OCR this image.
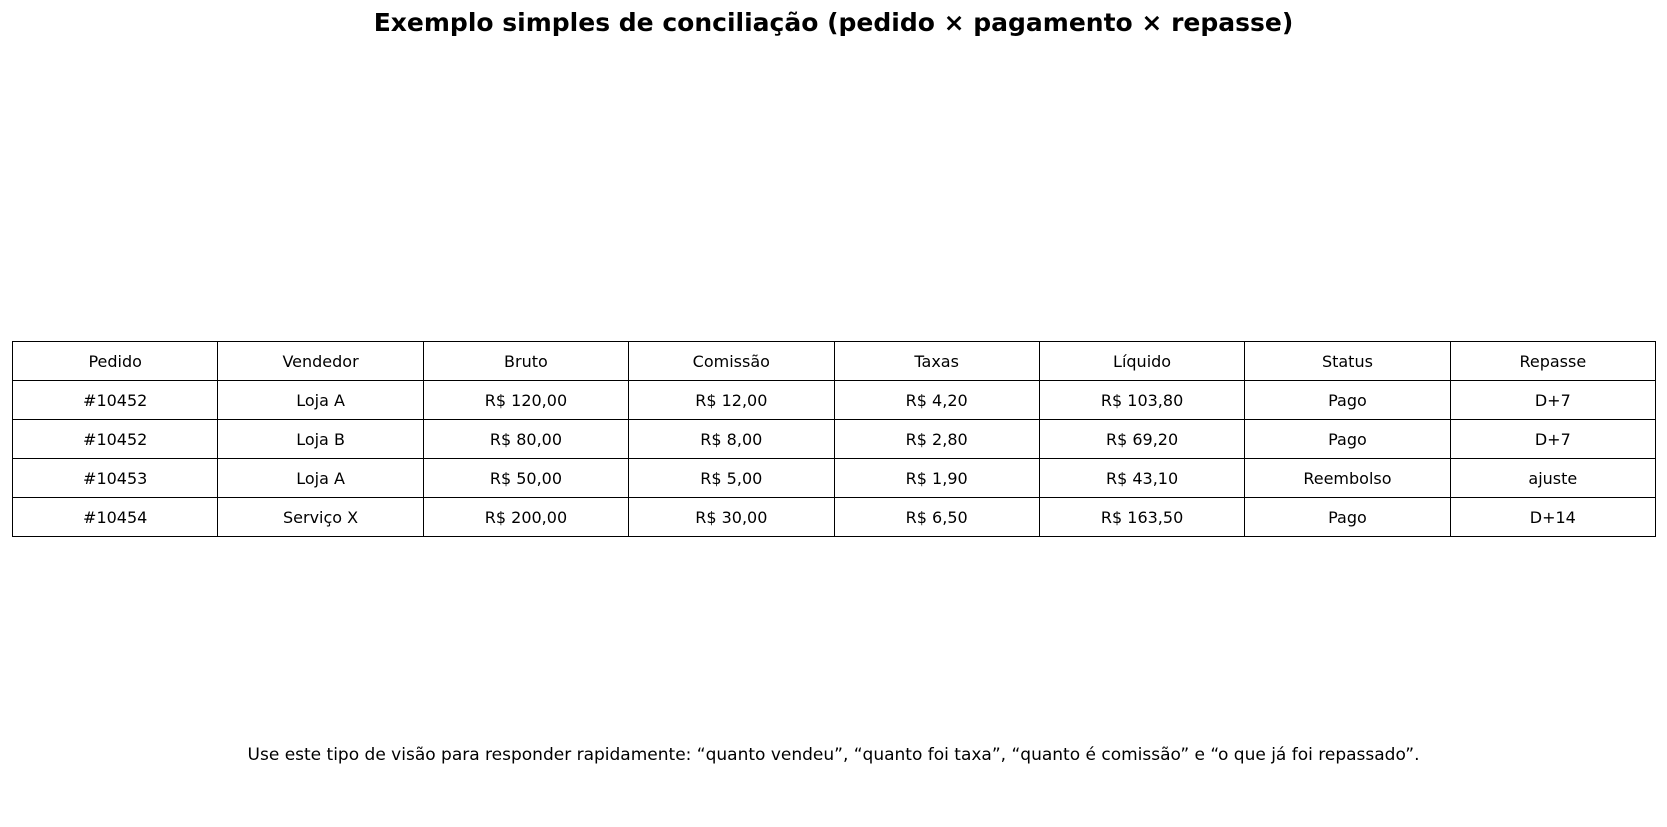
Exemplo simples de conciliação (pedido × pagamento × repasse)
Pedido	Vendedor	Bruto	Comissão	Taxas	Líquido	Status	Repasse
#10452	Loja A	R$ 120,00	R$ 12,00	R$ 4,20	R$ 103,80	Pago	D+7
#10452	Loja B	R$ 80,00	R$ 8,00	R$ 2,80	R$ 69,20	Pago	D+7
#10453	Loja A	R$ 50,00	R$ 5,00	R$ 1,90	R$ 43,10	Reembolso	ajuste
#10454	Serviço X	R$ 200,00	R$ 30,00	R$ 6,50	R$ 163,50	Pago	D+14
Use este tipo de visão para responder rapidamente: “quanto vendeu”, “quanto foi taxa”, “quanto é comissão” e “o que já foi repassado”.
